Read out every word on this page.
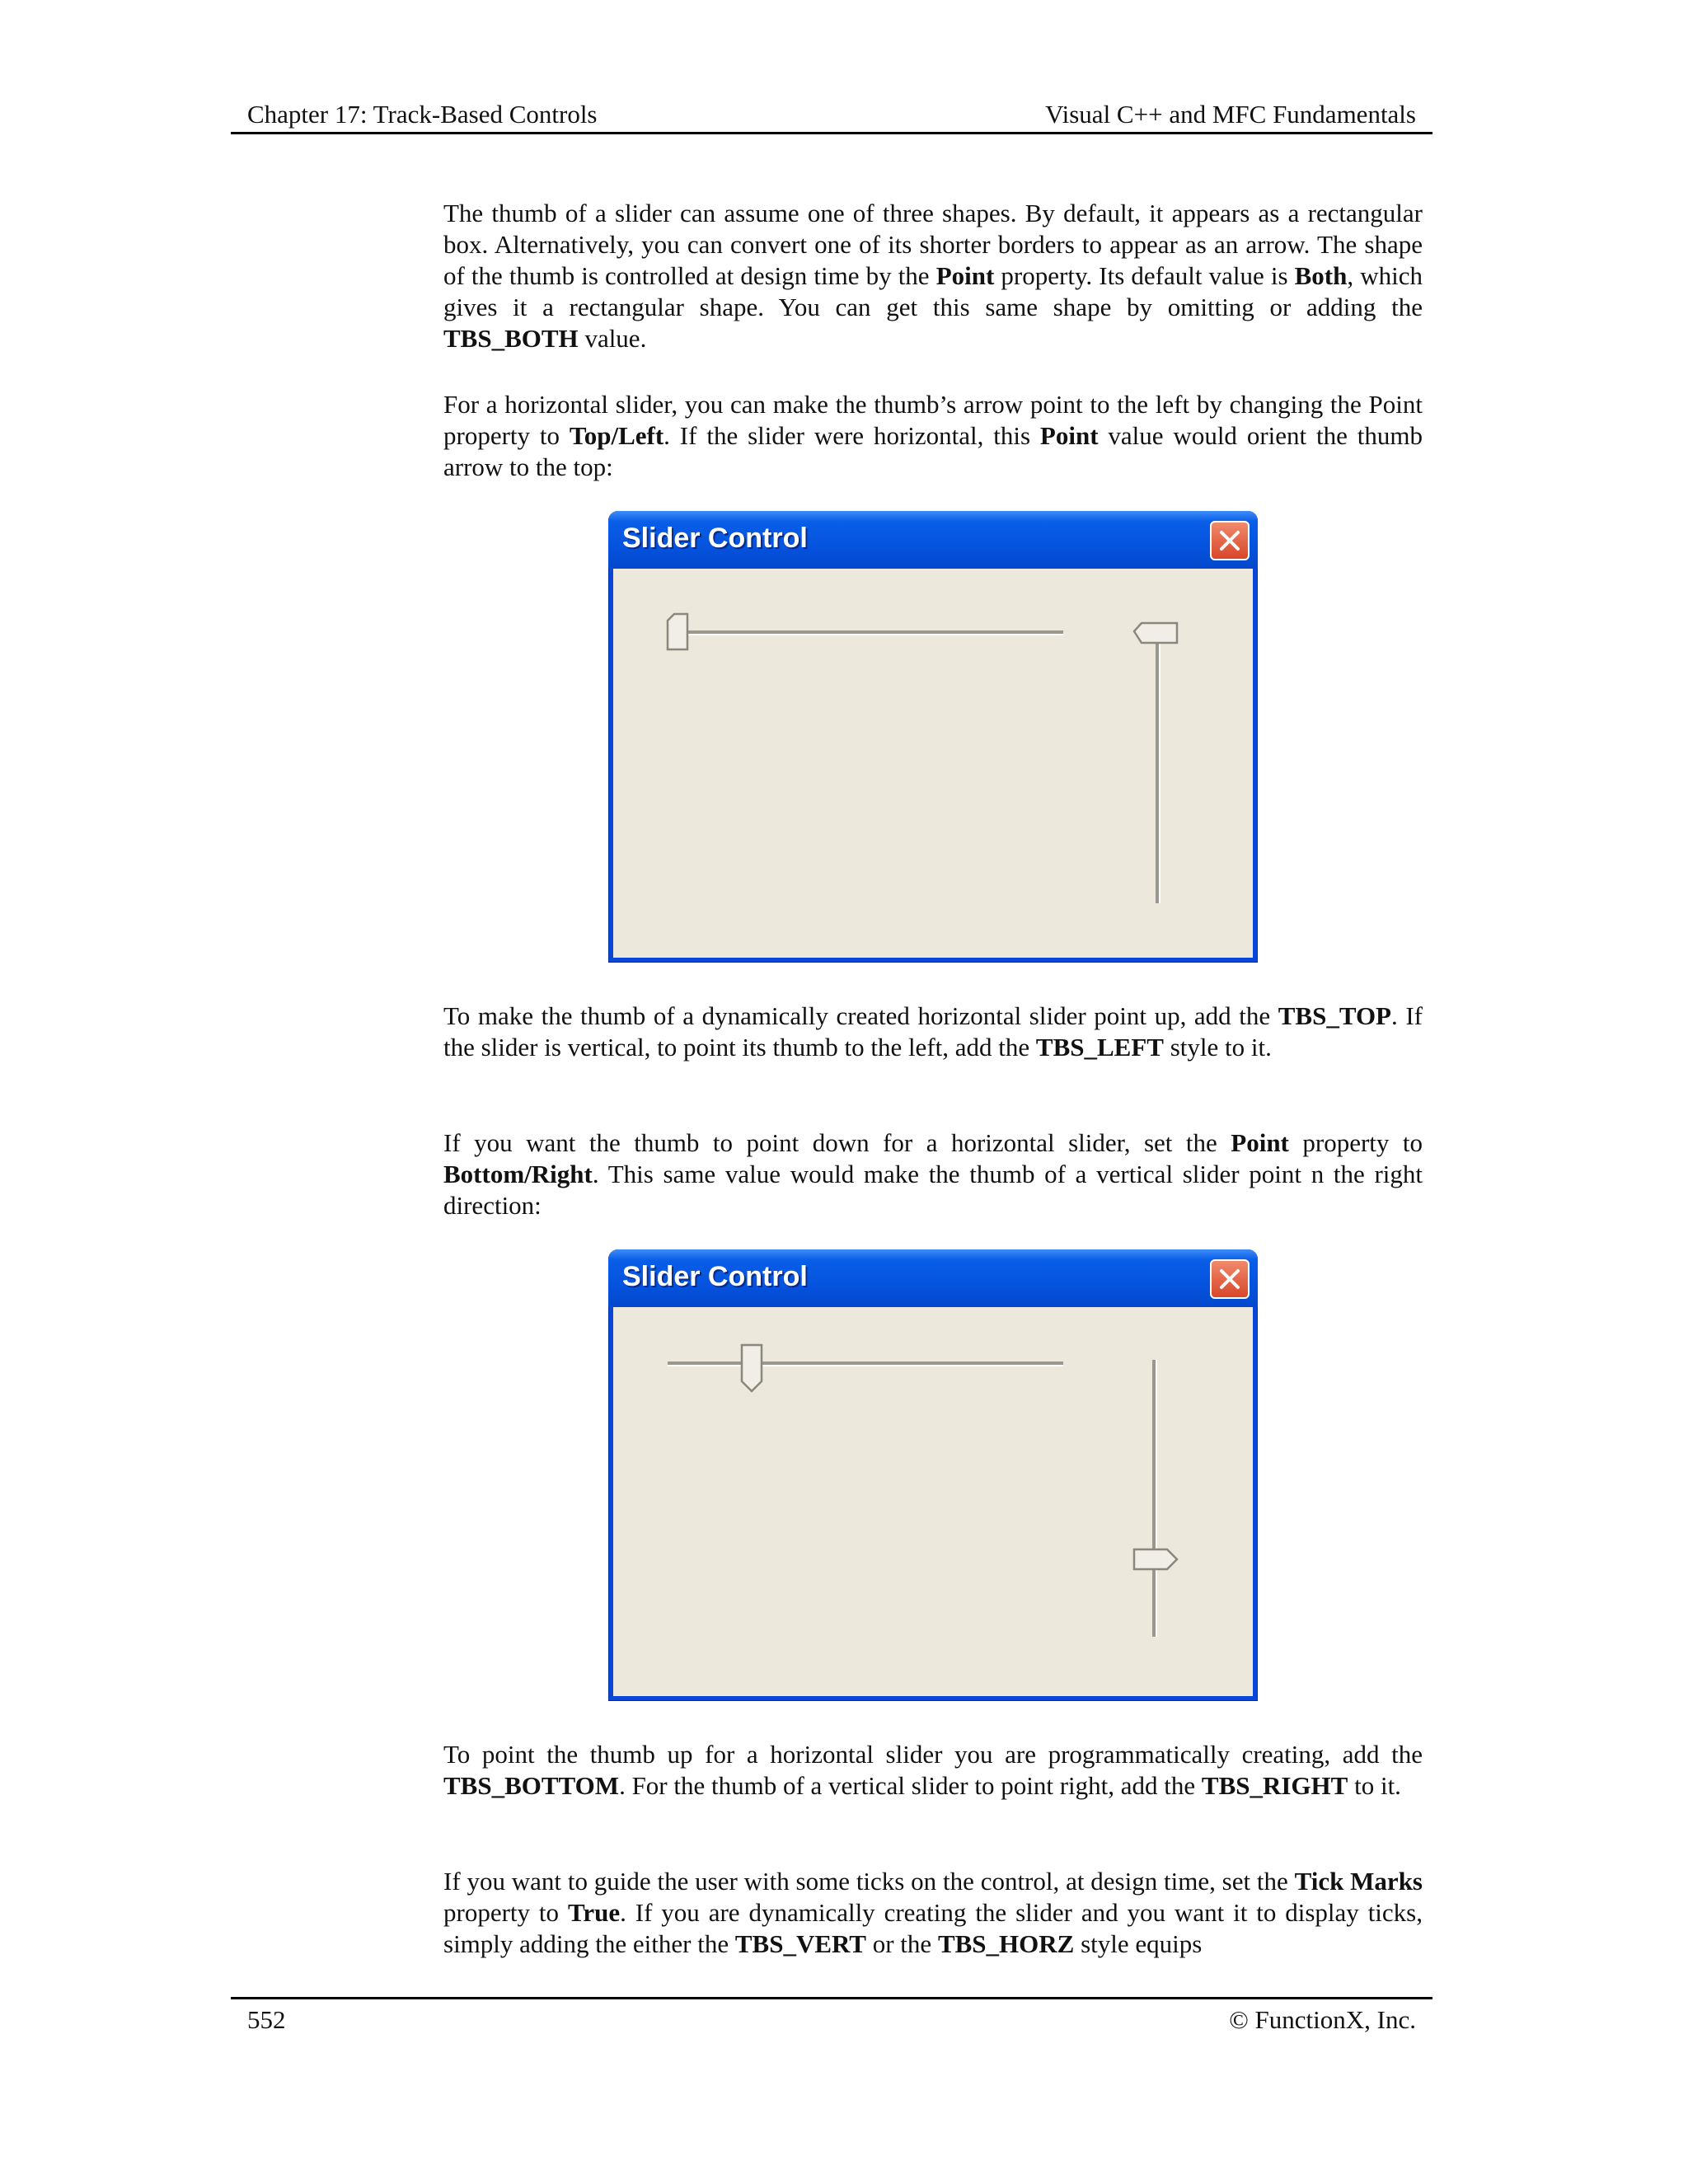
Chapter 17: Track-Based Controls	Visual C++ and MFC Fundamentals

The thumb of a slider can assume one of three shapes. By default, it appears as a rectangular box. Alternatively, you can convert one of its shorter borders to appear as an arrow. The shape of the thumb is controlled at design time by the Point property. Its default value is Both, which gives it a rectangular shape. You can get this same shape by omitting or adding the TBS_BOTH value.

For a horizontal slider, you can make the thumb’s arrow point to the left by changing the Point property to Top/Left. If the slider were horizontal, this Point value would orient the thumb arrow to the top:

Slider Control

To make the thumb of a dynamically created horizontal slider point up, add the TBS_TOP. If the slider is vertical, to point its thumb to the left, add the TBS_LEFT style to it.

If you want the thumb to point down for a horizontal slider, set the Point property to Bottom/Right. This same value would make the thumb of a vertical slider point n the right direction:

Slider Control

To point the thumb up for a horizontal slider you are programmatically creating, add the TBS_BOTTOM. For the thumb of a vertical slider to point right, add the TBS_RIGHT to it.

If you want to guide the user with some ticks on the control, at design time, set the Tick Marks property to True. If you are dynamically creating the slider and you want it to display ticks, simply adding the either the TBS_VERT or the TBS_HORZ style equips

552	© FunctionX, Inc.
